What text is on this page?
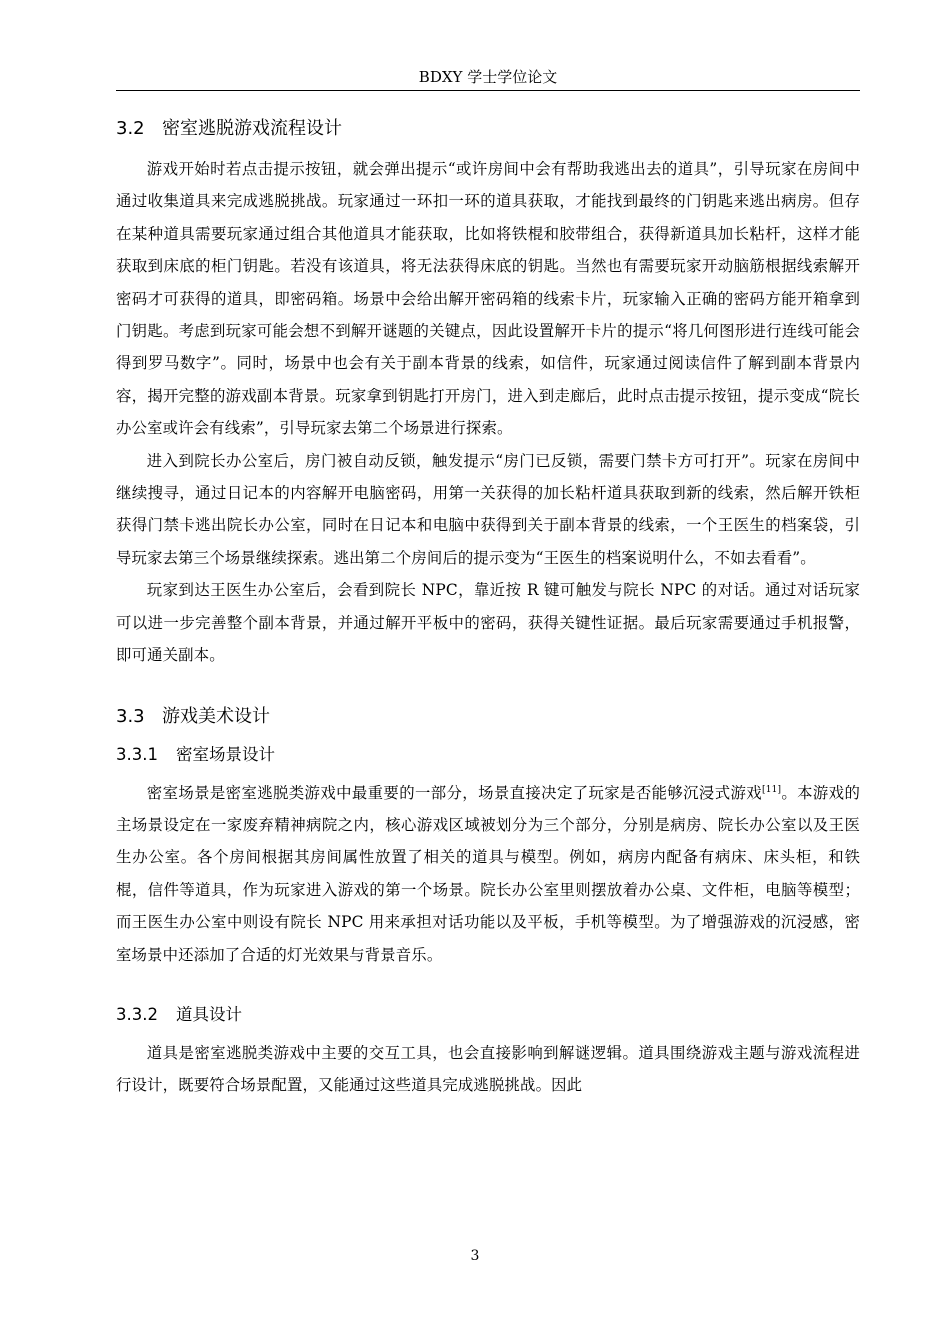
BDXY 学士学位论文
3.2 密室逃脱游戏流程设计

游戏开始时若点击提示按钮，就会弹出提示“或许房间中会有帮助我逃出去的道具”，引导玩家在房间中通过收集道具来完成逃脱挑战。玩家通过一环扣一环的道具获取，才能找到最终的门钥匙来逃出病房。但存在某种道具需要玩家通过组合其他道具才能获取，比如将铁棍和胶带组合，获得新道具加长粘杆，这样才能获取到床底的柜门钥匙。若没有该道具，将无法获得床底的钥匙。当然也有需要玩家开动脑筋根据线索解开密码才可获得的道具，即密码箱。场景中会给出解开密码箱的线索卡片，玩家输入正确的密码方能开箱拿到门钥匙。考虑到玩家可能会想不到解开谜题的关键点，因此设置解开卡片的提示“将几何图形进行连线可能会得到罗马数字”。同时，场景中也会有关于副本背景的线索，如信件，玩家通过阅读信件了解到副本背景内容，揭开完整的游戏副本背景。玩家拿到钥匙打开房门，进入到走廊后，此时点击提示按钮，提示变成“院长办公室或许会有线索”，引导玩家去第二个场景进行探索。

进入到院长办公室后，房门被自动反锁，触发提示“房门已反锁，需要门禁卡方可打开”。玩家在房间中继续搜寻，通过日记本的内容解开电脑密码，用第一关获得的加长粘杆道具获取到新的线索，然后解开铁柜获得门禁卡逃出院长办公室，同时在日记本和电脑中获得到关于副本背景的线索，一个王医生的档案袋，引导玩家去第三个场景继续探索。逃出第二个房间后的提示变为“王医生的档案说明什么，不如去看看”。

玩家到达王医生办公室后，会看到院长 NPC，靠近按 R 键可触发与院长 NPC 的对话。通过对话玩家可以进一步完善整个副本背景，并通过解开平板中的密码，获得关键性证据。最后玩家需要通过手机报警，即可通关副本。

3.3 游戏美术设计
3.3.1 密室场景设计

密室场景是密室逃脱类游戏中最重要的一部分，场景直接决定了玩家是否能够沉浸式游戏[11]。本游戏的主场景设定在一家废弃精神病院之内，核心游戏区域被划分为三个部分，分别是病房、院长办公室以及王医生办公室。各个房间根据其房间属性放置了相关的道具与模型。例如，病房内配备有病床、床头柜，和铁棍，信件等道具，作为玩家进入游戏的第一个场景。院长办公室里则摆放着办公桌、文件柜，电脑等模型；而王医生办公室中则设有院长 NPC 用来承担对话功能以及平板，手机等模型。为了增强游戏的沉浸感，密室场景中还添加了合适的灯光效果与背景音乐。

3.3.2 道具设计

道具是密室逃脱类游戏中主要的交互工具，也会直接影响到解谜逻辑。道具围绕游戏主题与游戏流程进行设计，既要符合场景配置，又能通过这些道具完成逃脱挑战。因此

3
